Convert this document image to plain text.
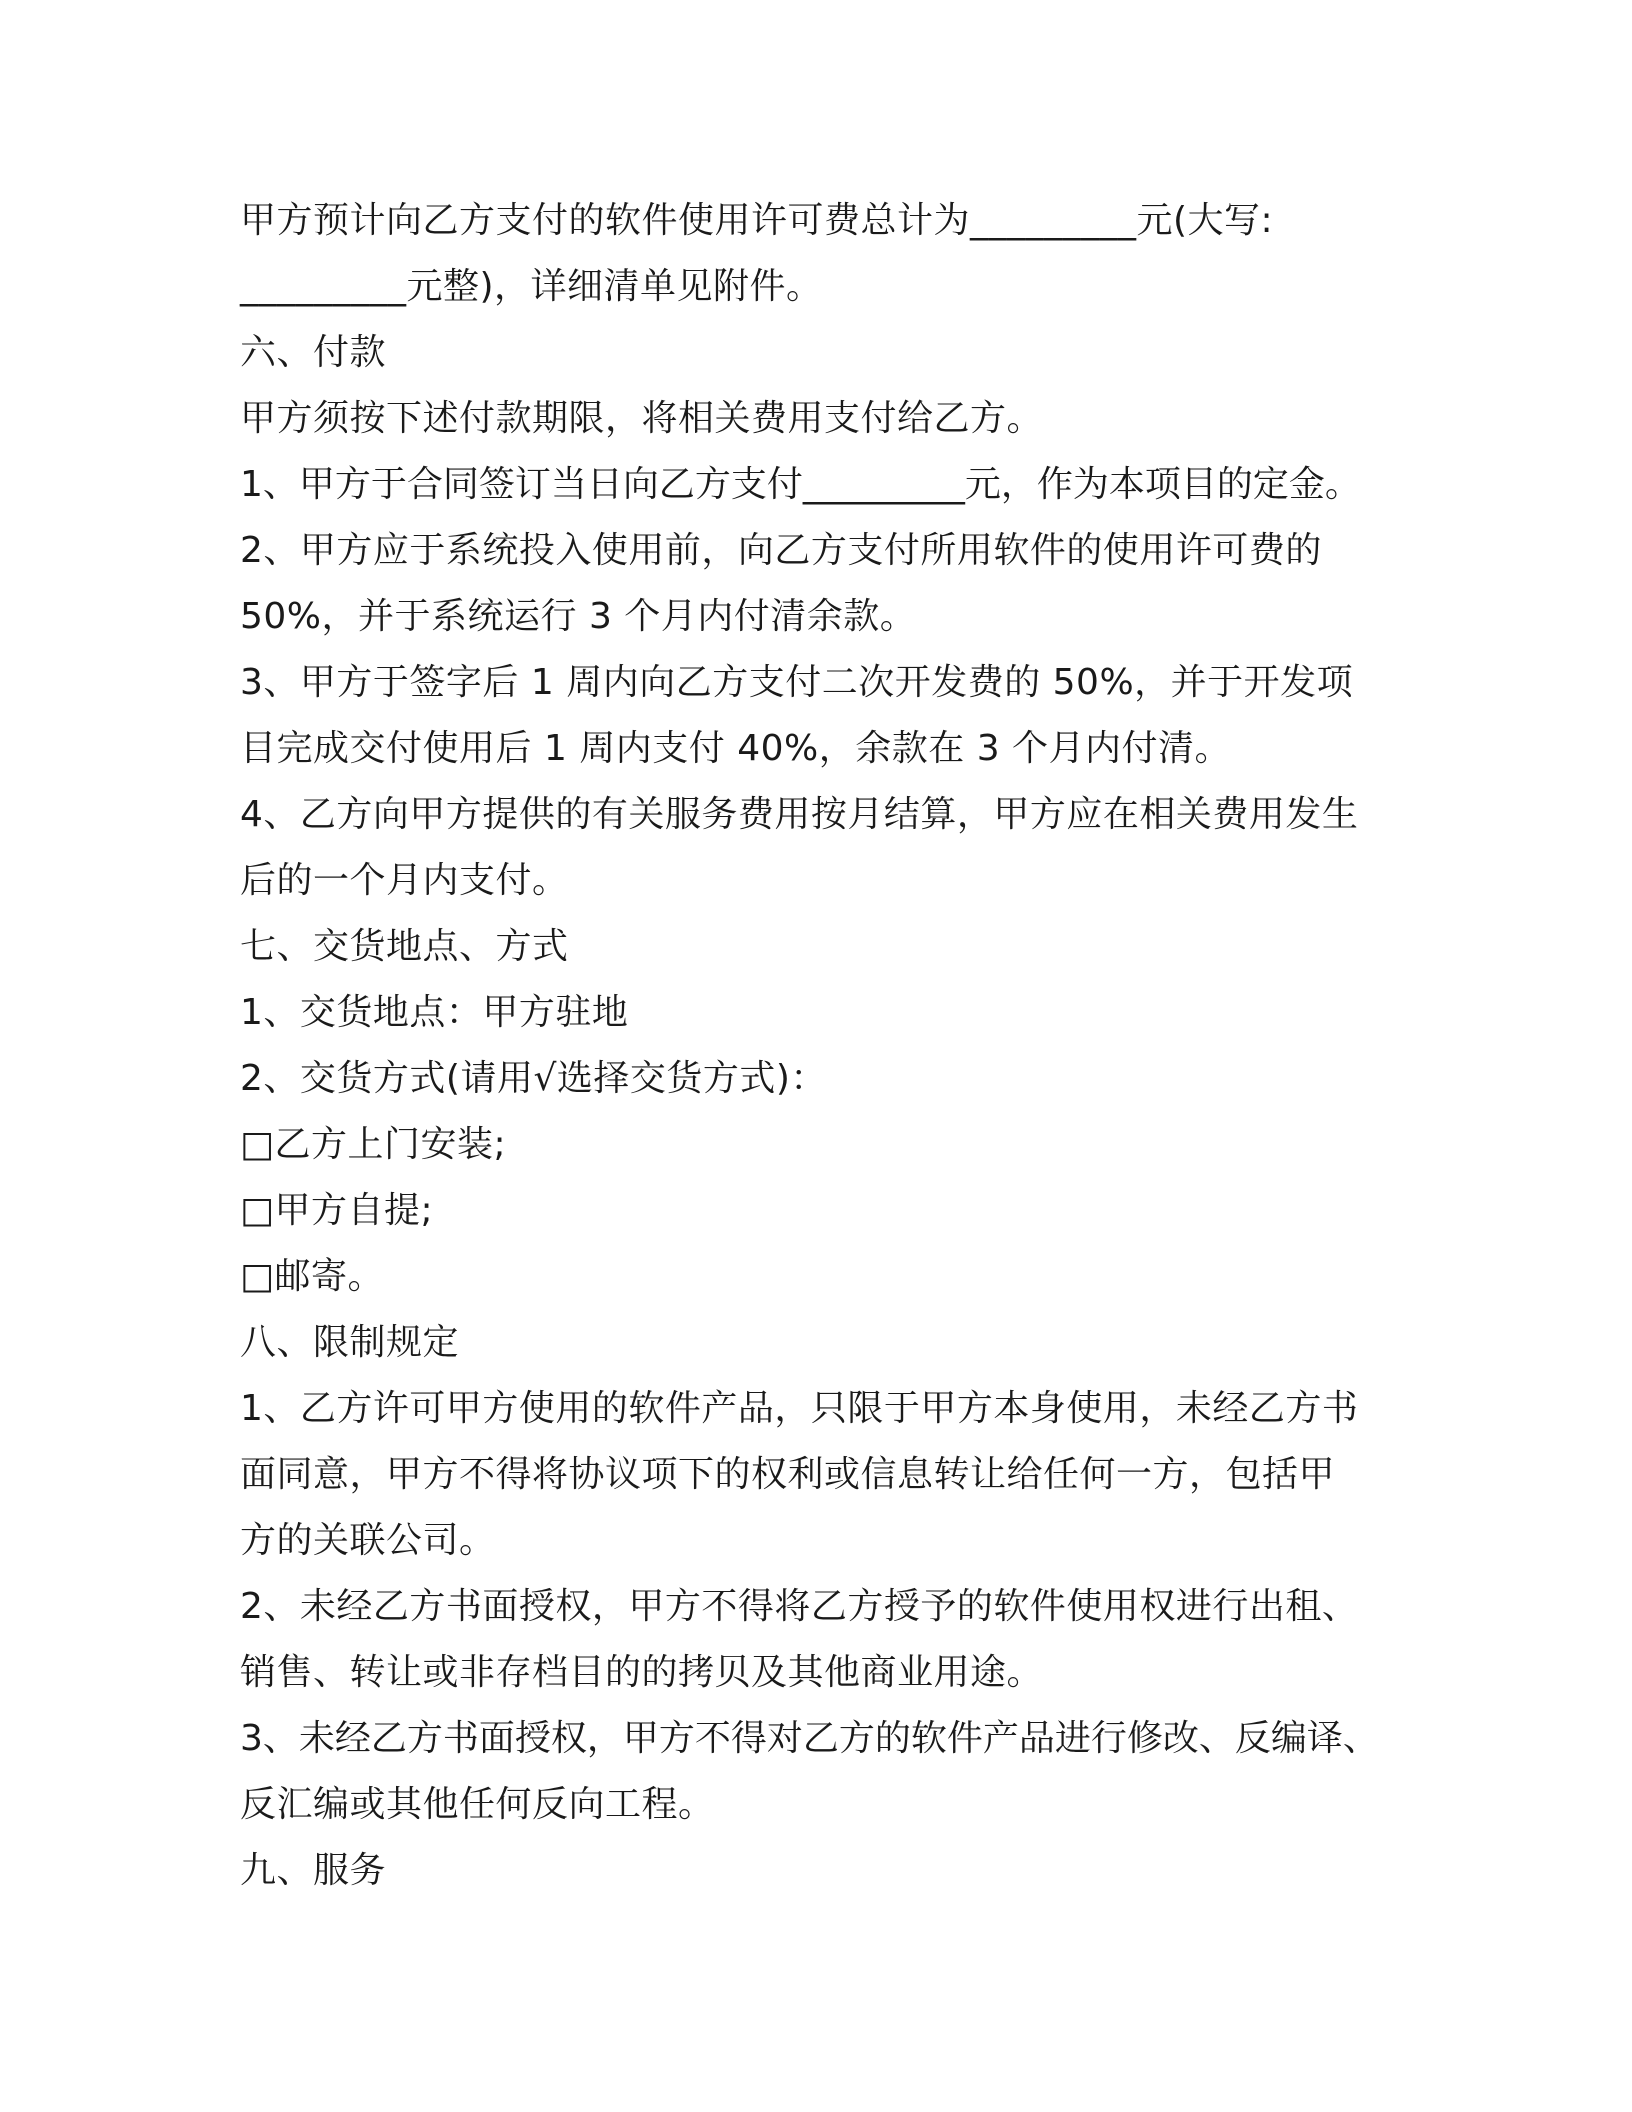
甲方预计向乙方支付的软件使用许可费总计为_________元(大写:
_________元整)，详细清单见附件。
六、付款
甲方须按下述付款期限，将相关费用支付给乙方。
1、甲方于合同签订当日向乙方支付_________元，作为本项目的定金。
2、甲方应于系统投入使用前，向乙方支付所用软件的使用许可费的
50%，并于系统运行 3 个月内付清余款。
3、甲方于签字后 1 周内向乙方支付二次开发费的 50%，并于开发项
目完成交付使用后 1 周内支付 40%，余款在 3 个月内付清。
4、乙方向甲方提供的有关服务费用按月结算，甲方应在相关费用发生
后的一个月内支付。
七、交货地点、方式
1、交货地点：甲方驻地
2、交货方式(请用√选择交货方式)：
□乙方上门安装;
□甲方自提;
□邮寄。
八、限制规定
1、乙方许可甲方使用的软件产品，只限于甲方本身使用，未经乙方书
面同意，甲方不得将协议项下的权利或信息转让给任何一方，包括甲
方的关联公司。
2、未经乙方书面授权，甲方不得将乙方授予的软件使用权进行出租、
销售、转让或非存档目的的拷贝及其他商业用途。
3、未经乙方书面授权，甲方不得对乙方的软件产品进行修改、反编译、
反汇编或其他任何反向工程。
九、服务
